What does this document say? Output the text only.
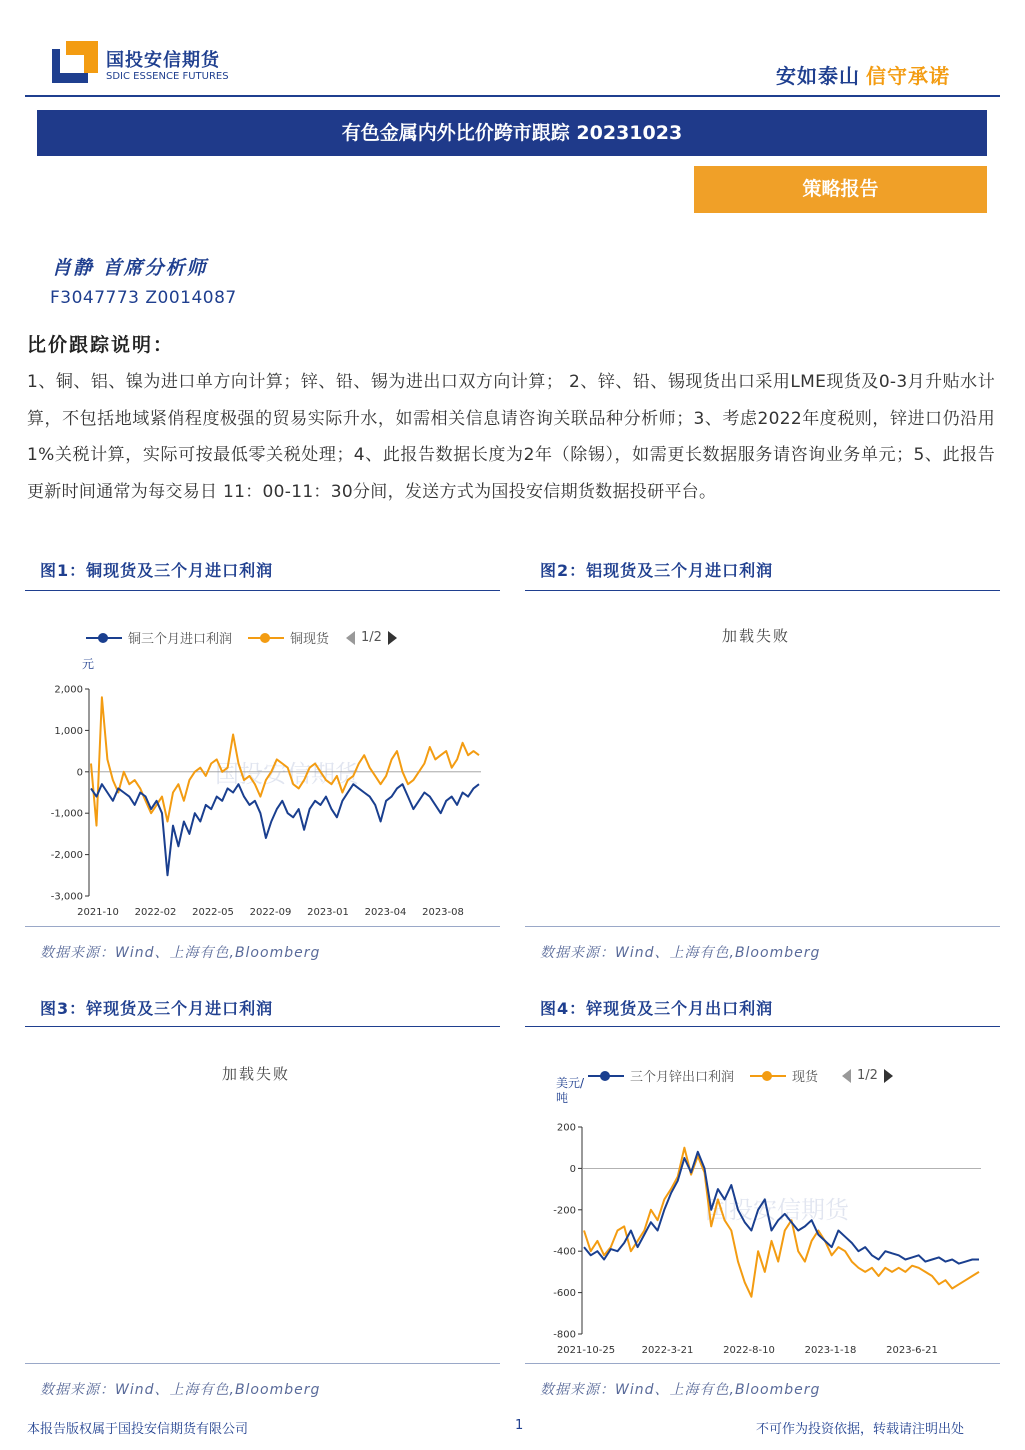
国投安信期货
SDIC ESSENCE FUTURES	安如泰山 信守承诺
有色金属内外比价跨市跟踪 20231023
策略报告
肖静 首席分析师
F3047773 Z0014087
比价跟踪说明：
1、铜、铝、镍为进口单方向计算；锌、铅、锡为进出口双方向计算； 2、锌、铅、锡现货出口采用LME现货及0-3月升贴水计算，不包括地域紧俏程度极强的贸易实际升水，如需相关信息请咨询关联品种分析师；3、考虑2022年度税则，锌进口仍沿用1%关税计算，实际可按最低零关税处理；4、此报告数据长度为2年（除锡），如需更长数据服务请咨询业务单元；5、此报告更新时间通常为每交易日 11：00-11：30分间，发送方式为国投安信期货数据投研平台。
图1：铜现货及三个月进口利润
铜三个月进口利润	铜现货 1/2
元
国投安信期货
2,000
1,000
0
-1,000
-2,000
-3,000
2021-10 2022-02 2022-05 2022-09 2023-01 2023-04 2023-08
数据来源：Wind、上海有色,Bloomberg
图2：铝现货及三个月进口利润
加载失败
数据来源：Wind、上海有色,Bloomberg
图3：锌现货及三个月进口利润
加载失败
数据来源：Wind、上海有色,Bloomberg
图4：锌现货及三个月出口利润
三个月锌出口利润	现货	1/2
美元/吨
国投安信期货
200
0
-200
-400
-600
-800
2021-10-25	2022-3-21	2022-8-10	2023-1-18	2023-6-21
数据来源：Wind、上海有色,Bloomberg
本报告版权属于国投安信期货有限公司	1	不可作为投资依据，转载请注明出处
